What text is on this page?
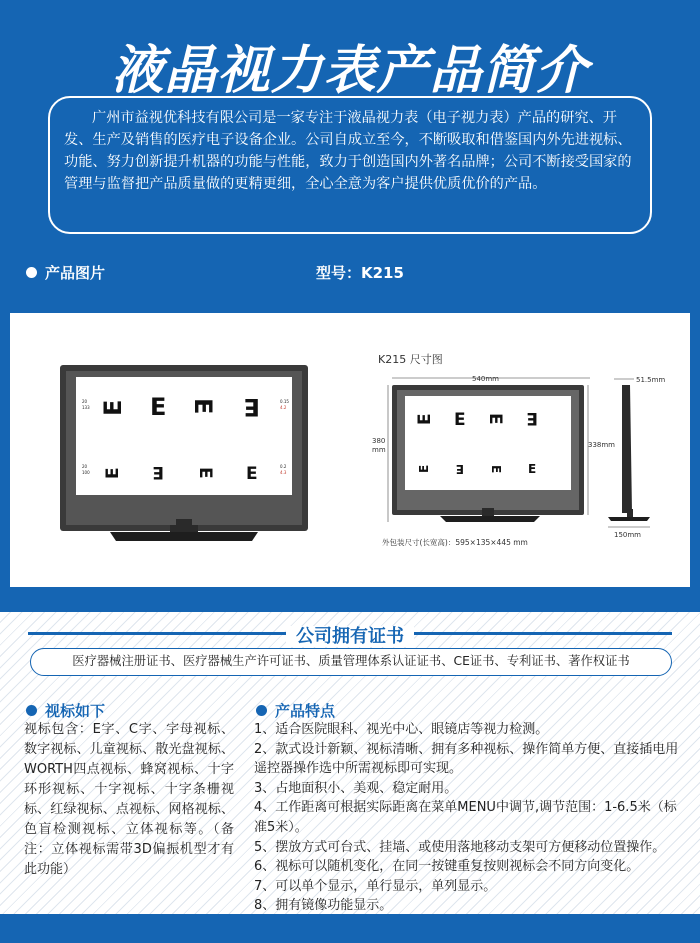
液晶视力表产品简介
广州市益视优科技有限公司是一家专注于液晶视力表（电子视力表）产品的研究、开发、生产及销售的医疗电子设备企业。公司自成立至今，不断吸取和借鉴国内外先进视标、功能、努力创新提升机器的功能与性能，致力于创造国内外著名品牌；公司不断接受国家的管理与监督把产品质量做的更精更细，全心全意为客户提供优质优价的产品。
产品图片	型号：K215
20
133
0.15
4.2
20
100
0.2
4.3
E E E E
E E E E
K215 尺寸图
540mm
E E E E
E E E E
380
mm
338mm
51.5mm
150mm
外包装尺寸(长宽高)：595×135×445 mm
公司拥有证书
医疗器械注册证书、医疗器械生产许可证书、质量管理体系认证证书、CE证书、专利证书、著作权证书
视标如下
视标包含：E字、C字、字母视标、数字视标、儿童视标、散光盘视标、WORTH四点视标、蜂窝视标、十字环形视标、十字视标、十字条栅视标、红绿视标、点视标、网格视标、色盲检测视标、立体视标等。（备注：立体视标需带3D偏振机型才有此功能）
产品特点
1、适合医院眼科、视光中心、眼镜店等视力检测。
2、款式设计新颖、视标清晰、拥有多种视标、操作简单方便、直接插电用遥控器操作选中所需视标即可实现。
3、占地面积小、美观、稳定耐用。
4、工作距离可根据实际距离在菜单MENU中调节,调节范围：1-6.5米（标准5米）。
5、摆放方式可台式、挂墙、或使用落地移动支架可方便移动位置操作。
6、视标可以随机变化，在同一按键重复按则视标会不同方向变化。
7、可以单个显示，单行显示，单列显示。
8、拥有镜像功能显示。
